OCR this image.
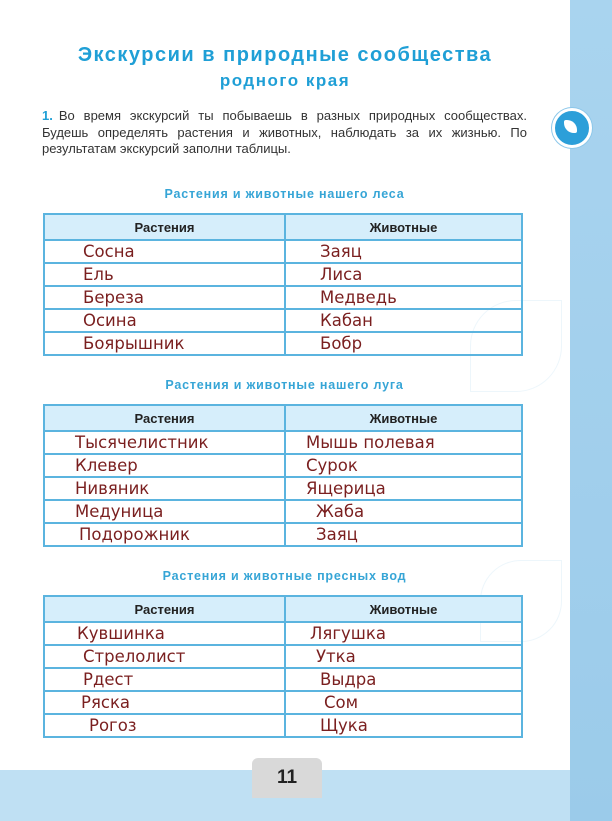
Экскурсии в природные сообщества
родного края
1. Во время экскурсий ты побываешь в разных природных сообществах. Будешь определять растения и животных, наблюдать за их жизнью. По результатам экскурсий заполни таблицы.
Растения и животные нашего леса
Растения	Животные
Сосна	Заяц
Ель	Лиса
Береза	Медведь
Осина	Кабан
Боярышник	Бобр
Растения и животные нашего луга
Растения	Животные
Тысячелистник	Мышь полевая
Клевер	Сурок
Нивяник	Ящерица
Медуница	Жаба
Подорожник	Заяц
Растения и животные пресных вод
Растения	Животные
Кувшинка	Лягушка
Стрелолист	Утка
Рдест	Выдра
Ряска	Сом
Рогоз	Щука
11
